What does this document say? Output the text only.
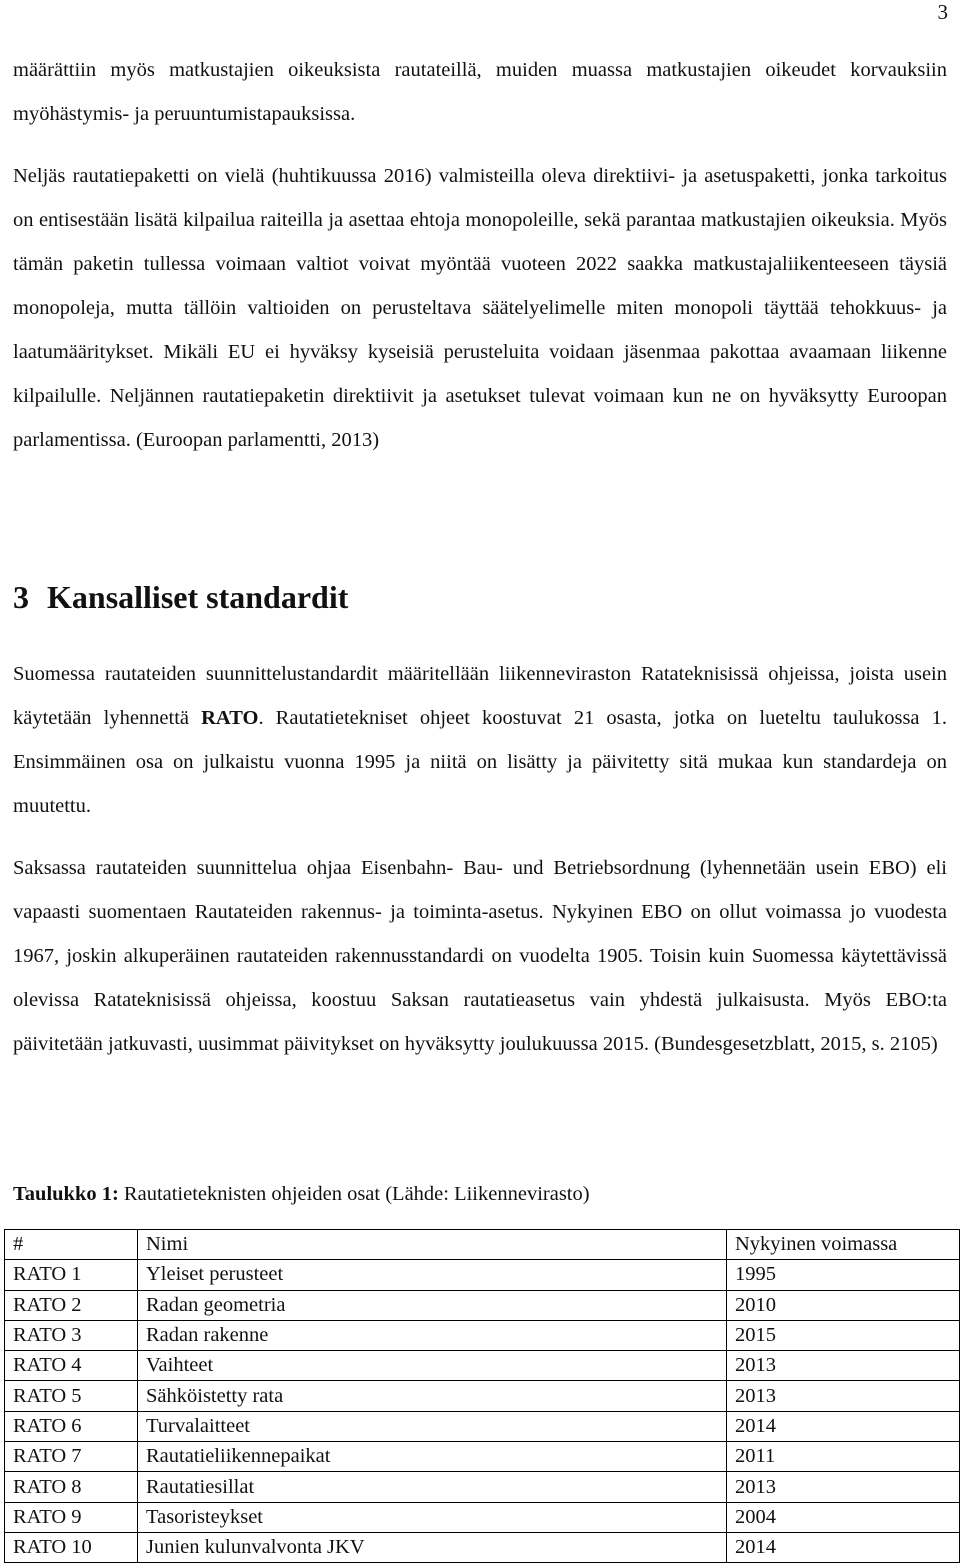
3

määrättiin myös matkustajien oikeuksista rautateillä, muiden muassa matkustajien oikeudet korvauksiin myöhästymis- ja peruuntumistapauksissa.

Neljäs rautatiepaketti on vielä (huhtikuussa 2016) valmisteilla oleva direktiivi- ja asetuspaketti, jonka tarkoitus on entisestään lisätä kilpailua raiteilla ja asettaa ehtoja monopoleille, sekä parantaa matkustajien oikeuksia. Myös tämän paketin tullessa voimaan valtiot voivat myöntää vuoteen 2022 saakka matkustajaliikenteeseen täysiä monopoleja, mutta tällöin valtioiden on perusteltava säätelyelimelle miten monopoli täyttää tehokkuus- ja laatumääritykset. Mikäli EU ei hyväksy kyseisiä perusteluita voidaan jäsenmaa pakottaa avaamaan liikenne kilpailulle. Neljännen rautatiepaketin direktiivit ja asetukset tulevat voimaan kun ne on hyväksytty Euroopan parlamentissa. (Euroopan parlamentti, 2013)

3 Kansalliset standardit

Suomessa rautateiden suunnittelustandardit määritellään liikenneviraston Ratateknisissä ohjeissa, joista usein käytetään lyhennettä RATO. Rautatietekniset ohjeet koostuvat 21 osasta, jotka on lueteltu taulukossa 1. Ensimmäinen osa on julkaistu vuonna 1995 ja niitä on lisätty ja päivitetty sitä mukaa kun standardeja on muutettu.

Saksassa rautateiden suunnittelua ohjaa Eisenbahn- Bau- und Betriebsordnung (lyhennetään usein EBO) eli vapaasti suomentaen Rautateiden rakennus- ja toiminta-asetus. Nykyinen EBO on ollut voimassa jo vuodesta 1967, joskin alkuperäinen rautateiden rakennusstandardi on vuodelta 1905. Toisin kuin Suomessa käytettävissä olevissa Ratateknisissä ohjeissa, koostuu Saksan rautatieasetus vain yhdestä julkaisusta. Myös EBO:ta päivitetään jatkuvasti, uusimmat päivitykset on hyväksytty joulukuussa 2015. (Bundesgesetzblatt, 2015, s. 2105)

Taulukko 1: Rautatieteknisten ohjeiden osat (Lähde: Liikennevirasto)

#	Nimi	Nykyinen voimassa
RATO 1	Yleiset perusteet	1995
RATO 2	Radan geometria	2010
RATO 3	Radan rakenne	2015
RATO 4	Vaihteet	2013
RATO 5	Sähköistetty rata	2013
RATO 6	Turvalaitteet	2014
RATO 7	Rautatieliikennepaikat	2011
RATO 8	Rautatiesillat	2013
RATO 9	Tasoristeykset	2004
RATO 10	Junien kulunvalvonta JKV	2014
